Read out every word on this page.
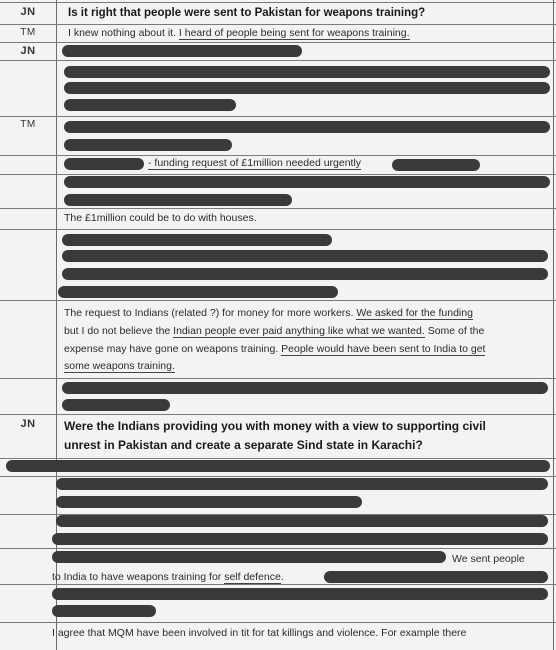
JN	Is it right that people were sent to Pakistan for weapons training?
TM	I knew nothing about it. I heard of people being sent for weapons training.
JN
TM
- funding request of £1million needed urgently
The £1million could be to do with houses.
The request to Indians (related ?) for money for more workers. We asked for the funding
but I do not believe the Indian people ever paid anything like what we wanted. Some of the
expense may have gone on weapons training. People would have been sent to India to get
some weapons training.
JN	Were the Indians providing you with money with a view to supporting civil
unrest in Pakistan and create a separate Sind state in Karachi?
We sent people
to India to have weapons training for self defence.
I agree that MQM have been involved in tit for tat killings and violence. For example there
